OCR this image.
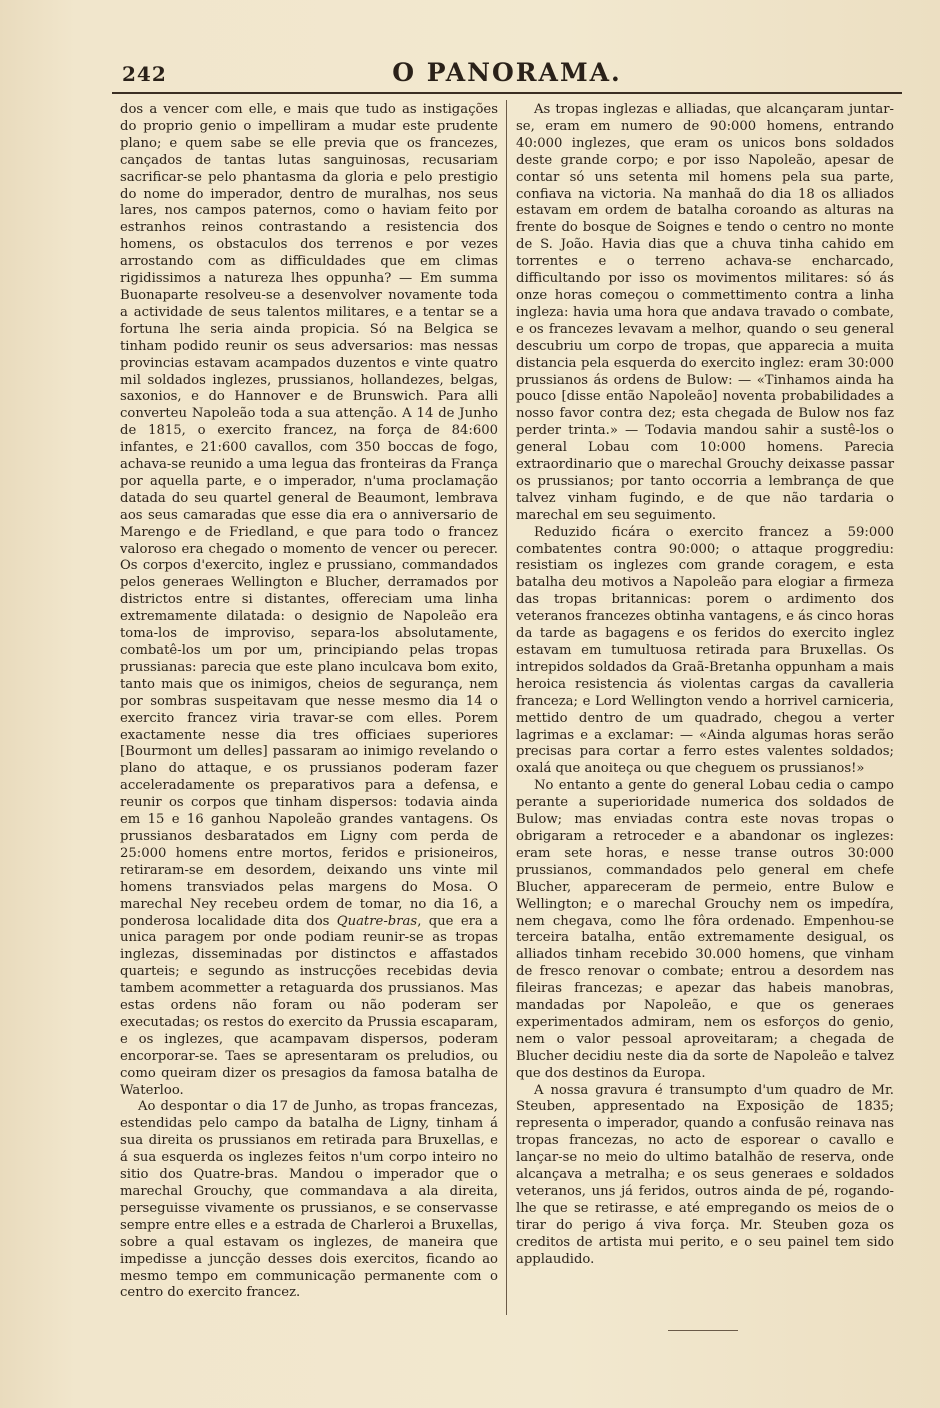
242	O PANORAMA.

dos a vencer com elle, e mais que tudo as instigações do proprio genio o impelliram a mudar este prudente plano; e quem sabe se elle previa que os francezes, cançados de tantas lutas sanguinosas, recusariam sacrificar-se pelo phantasma da gloria e pelo prestigio do nome do imperador, dentro de muralhas, nos seus lares, nos campos paternos, como o haviam feito por estranhos reinos contrastando a resistencia dos homens, os obstaculos dos terrenos e por vezes arrostando com as difficuldades que em climas rigidissimos a natureza lhes oppunha? — Em summa Buonaparte resolveu-se a desenvolver novamente toda a actividade de seus talentos militares, e a tentar se a fortuna lhe seria ainda propicia. Só na Belgica se tinham podido reunir os seus adversarios: mas nessas provincias estavam acampados duzentos e vinte quatro mil soldados inglezes, prussianos, hollandezes, belgas, saxonios, e do Hannover e de Brunswich. Para alli converteu Napoleão toda a sua attenção. A 14 de Junho de 1815, o exercito francez, na força de 84:600 infantes, e 21:600 cavallos, com 350 boccas de fogo, achava-se reunido a uma legua das fronteiras da França por aquella parte, e o imperador, n'uma proclamação datada do seu quartel general de Beaumont, lembrava aos seus camaradas que esse dia era o anniversario de Marengo e de Friedland, e que para todo o francez valoroso era chegado o momento de vencer ou perecer. Os corpos d'exercito, inglez e prussiano, commandados pelos generaes Wellington e Blucher, derramados por districtos entre si distantes, offereciam uma linha extremamente dilatada: o designio de Napoleão era toma-los de improviso, separa-los absolutamente, combatê-los um por um, principiando pelas tropas prussianas: parecia que este plano inculcava bom exito, tanto mais que os inimigos, cheios de segurança, nem por sombras suspeitavam que nesse mesmo dia 14 o exercito francez viria travar-se com elles. Porem exactamente nesse dia tres officiaes superiores [Bourmont um delles] passaram ao inimigo revelando o plano do attaque, e os prussianos poderam fazer acceleradamente os preparativos para a defensa, e reunir os corpos que tinham dispersos: todavia ainda em 15 e 16 ganhou Napoleão grandes vantagens. Os prussianos desbaratados em Ligny com perda de 25:000 homens entre mortos, feridos e prisioneiros, retiraram-se em desordem, deixando uns vinte mil homens transviados pelas margens do Mosa. O marechal Ney recebeu ordem de tomar, no dia 16, a ponderosa localidade dita dos Quatre-bras, que era a unica paragem por onde podiam reunir-se as tropas inglezas, disseminadas por distinctos e affastados quarteis; e segundo as instrucções recebidas devia tambem acommetter a retaguarda dos prussianos. Mas estas ordens não foram ou não poderam ser executadas; os restos do exercito da Prussia escaparam, e os inglezes, que acampavam dispersos, poderam encorporar-se. Taes se apresentaram os preludios, ou como queiram dizer os presagios da famosa batalha de Waterloo.

Ao despontar o dia 17 de Junho, as tropas francezas, estendidas pelo campo da batalha de Ligny, tinham á sua direita os prussianos em retirada para Bruxellas, e á sua esquerda os inglezes feitos n'um corpo inteiro no sitio dos Quatre-bras. Mandou o imperador que o marechal Grouchy, que commandava a ala direita, perseguisse vivamente os prussianos, e se conservasse sempre entre elles e a estrada de Charleroi a Bruxellas, sobre a qual estavam os inglezes, de maneira que impedisse a juncção desses dois exercitos, ficando ao mesmo tempo em communicação permanente com o centro do exercito francez.

As tropas inglezas e alliadas, que alcançaram juntar-se, eram em numero de 90:000 homens, entrando 40:000 inglezes, que eram os unicos bons soldados deste grande corpo; e por isso Napoleão, apesar de contar só uns setenta mil homens pela sua parte, confiava na victoria. Na manhaã do dia 18 os alliados estavam em ordem de batalha coroando as alturas na frente do bosque de Soignes e tendo o centro no monte de S. João. Havia dias que a chuva tinha cahido em torrentes e o terreno achava-se encharcado, difficultando por isso os movimentos militares: só ás onze horas começou o commettimento contra a linha ingleza: havia uma hora que andava travado o combate, e os francezes levavam a melhor, quando o seu general descubriu um corpo de tropas, que apparecia a muita distancia pela esquerda do exercito inglez: eram 30:000 prussianos ás ordens de Bulow: — «Tinhamos ainda ha pouco [disse então Napoleão] noventa probabilidades a nosso favor contra dez; esta chegada de Bulow nos faz perder trinta.» — Todavia mandou sahir a sustê-los o general Lobau com 10:000 homens. Parecia extraordinario que o marechal Grouchy deixasse passar os prussianos; por tanto occorria a lembrança de que talvez vinham fugindo, e de que não tardaria o marechal em seu seguimento.

Reduzido ficára o exercito francez a 59:000 combatentes contra 90:000; o attaque proggrediu: resistiam os inglezes com grande coragem, e esta batalha deu motivos a Napoleão para elogiar a firmeza das tropas britannicas: porem o ardimento dos veteranos francezes obtinha vantagens, e ás cinco horas da tarde as bagagens e os feridos do exercito inglez estavam em tumultuosa retirada para Bruxellas. Os intrepidos soldados da Graã-Bretanha oppunham a mais heroica resistencia ás violentas cargas da cavalleria franceza; e Lord Wellington vendo a horrivel carniceria, mettido dentro de um quadrado, chegou a verter lagrimas e a exclamar: — «Ainda algumas horas serão precisas para cortar a ferro estes valentes soldados; oxalá que anoiteça ou que cheguem os prussianos!»

No entanto a gente do general Lobau cedia o campo perante a superioridade numerica dos soldados de Bulow; mas enviadas contra este novas tropas o obrigaram a retroceder e a abandonar os inglezes: eram sete horas, e nesse transe outros 30:000 prussianos, commandados pelo general em chefe Blucher, appareceram de permeio, entre Bulow e Wellington; e o marechal Grouchy nem os impedíra, nem chegava, como lhe fôra ordenado. Empenhou-se terceira batalha, então extremamente desigual, os alliados tinham recebido 30.000 homens, que vinham de fresco renovar o combate; entrou a desordem nas fileiras francezas; e apezar das habeis manobras, mandadas por Napoleão, e que os generaes experimentados admiram, nem os esforços do genio, nem o valor pessoal aproveitaram; a chegada de Blucher decidiu neste dia da sorte de Napoleão e talvez que dos destinos da Europa.

A nossa gravura é transumpto d'um quadro de Mr. Steuben, appresentado na Exposição de 1835; representa o imperador, quando a confusão reinava nas tropas francezas, no acto de esporear o cavallo e lançar-se no meio do ultimo batalhão de reserva, onde alcançava a metralha; e os seus generaes e soldados veteranos, uns já feridos, outros ainda de pé, rogando-lhe que se retirasse, e até empregando os meios de o tirar do perigo á viva força. Mr. Steuben goza os creditos de artista mui perito, e o seu painel tem sido applaudido.
